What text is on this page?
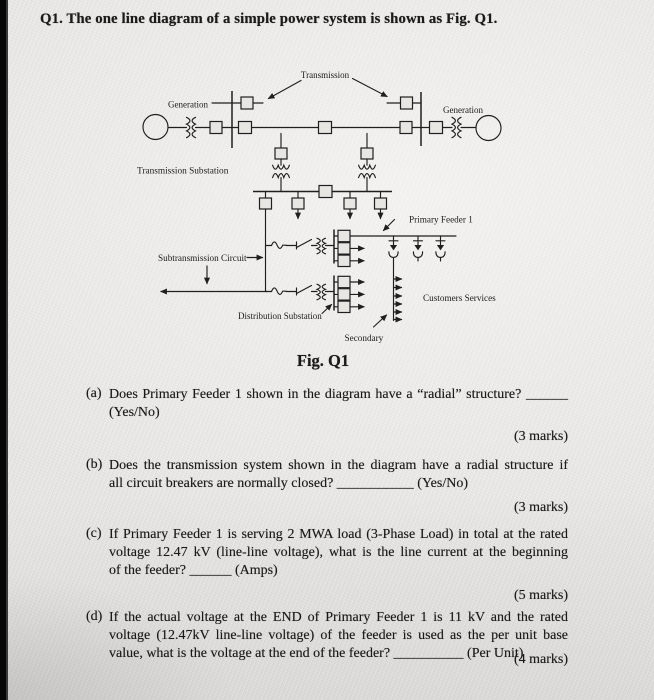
Q1. The one line diagram of a simple power system is shown as Fig. Q1.
Transmission
Generation
Generation
Transmission Substation
Primary Feeder 1
Subtransmission Circuit
Distribution Substation
Customers Services
Secondary
Fig. Q1
(a) Does Primary Feeder 1 shown in the diagram have a “radial” structure? ______
(Yes/No)
(3 marks)
(b) Does the transmission system shown in the diagram have a radial structure if
all circuit breakers are normally closed? ___________ (Yes/No)
(3 marks)
(c) If Primary Feeder 1 is serving 2 MWA load (3-Phase Load) in total at the rated
voltage 12.47 kV (line-line voltage), what is the line current at the beginning
of the feeder? ______ (Amps)
(5 marks)
(d) If the actual voltage at the END of Primary Feeder 1 is 11 kV and the rated
voltage (12.47kV line-line voltage) of the feeder is used as the per unit base
value, what is the voltage at the end of the feeder? __________ (Per Unit)
(4 marks)
